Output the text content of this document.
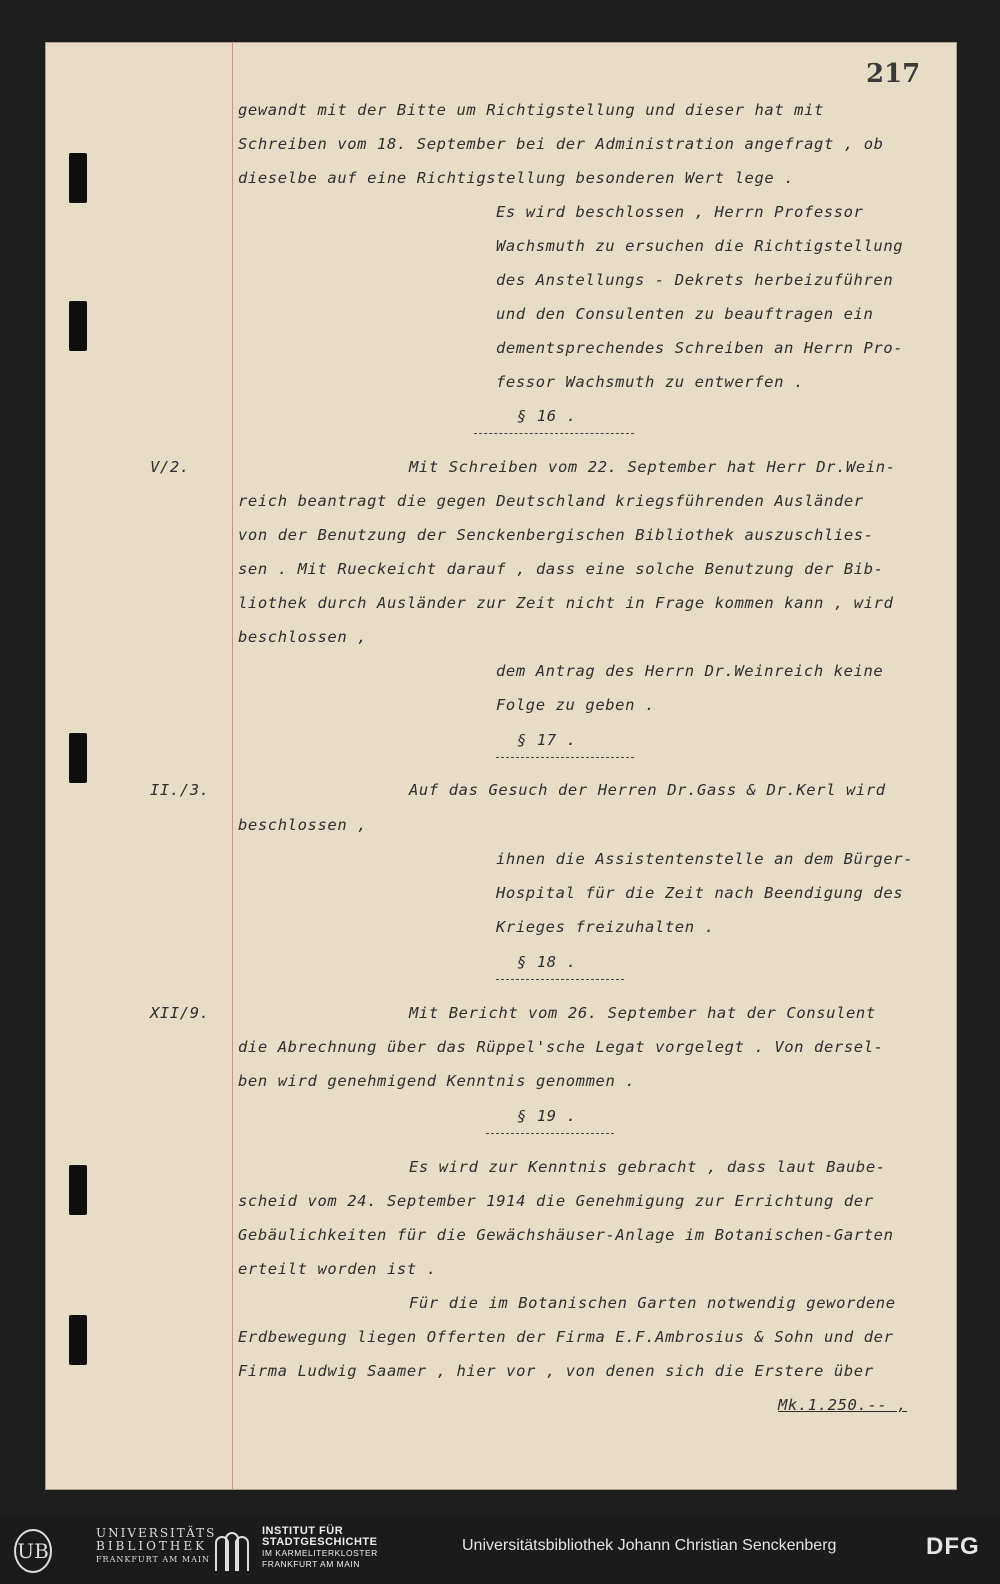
217
gewandt mit der Bitte um Richtigstellung und dieser hat mit
Schreiben vom 18. September bei der Administration angefragt , ob
dieselbe auf eine Richtigstellung besonderen Wert lege .
Es wird beschlossen , Herrn Professor
Wachsmuth zu ersuchen die Richtigstellung
des Anstellungs - Dekrets herbeizuführen
und den Consulenten zu beauftragen ein
dementsprechendes Schreiben an Herrn Pro-
fessor Wachsmuth zu entwerfen .
§ 16 .
V/2.	Mit Schreiben vom 22. September hat Herr Dr.Wein-
reich beantragt die gegen Deutschland kriegsführenden Ausländer
von der Benutzung der Senckenbergischen Bibliothek auszuschlies-
sen . Mit Rueckeicht darauf , dass eine solche Benutzung der Bib-
liothek durch Ausländer zur Zeit nicht in Frage kommen kann , wird
beschlossen ,
dem Antrag des Herrn Dr.Weinreich keine
Folge zu geben .
§ 17 .
II./3.	Auf das Gesuch der Herren Dr.Gass & Dr.Kerl wird
beschlossen ,
ihnen die Assistentenstelle an dem Bürger-
Hospital für die Zeit nach Beendigung des
Krieges freizuhalten .
§ 18 .
XII/9.	Mit Bericht vom 26. September hat der Consulent
die Abrechnung über das Rüppel'sche Legat vorgelegt . Von dersel-
ben wird genehmigend Kenntnis genommen .
§ 19 .
Es wird zur Kenntnis gebracht , dass laut Baube-
scheid vom 24. September 1914 die Genehmigung zur Errichtung der
Gebäulichkeiten für die Gewächshäuser-Anlage im Botanischen-Garten
erteilt worden ist .
Für die im Botanischen Garten notwendig gewordene
Erdbewegung liegen Offerten der Firma E.F.Ambrosius & Sohn und der
Firma Ludwig Saamer , hier vor , von denen sich die Erstere über
Mk.1.250.-- ,
UB
UNIVERSITÄTS
BIBLIOTHEK
FRANKFURT AM MAIN
INSTITUT FÜR
STADTGESCHICHTE
IM KARMELITERKLOSTER
FRANKFURT AM MAIN
Universitätsbibliothek Johann Christian Senckenberg	DFG
